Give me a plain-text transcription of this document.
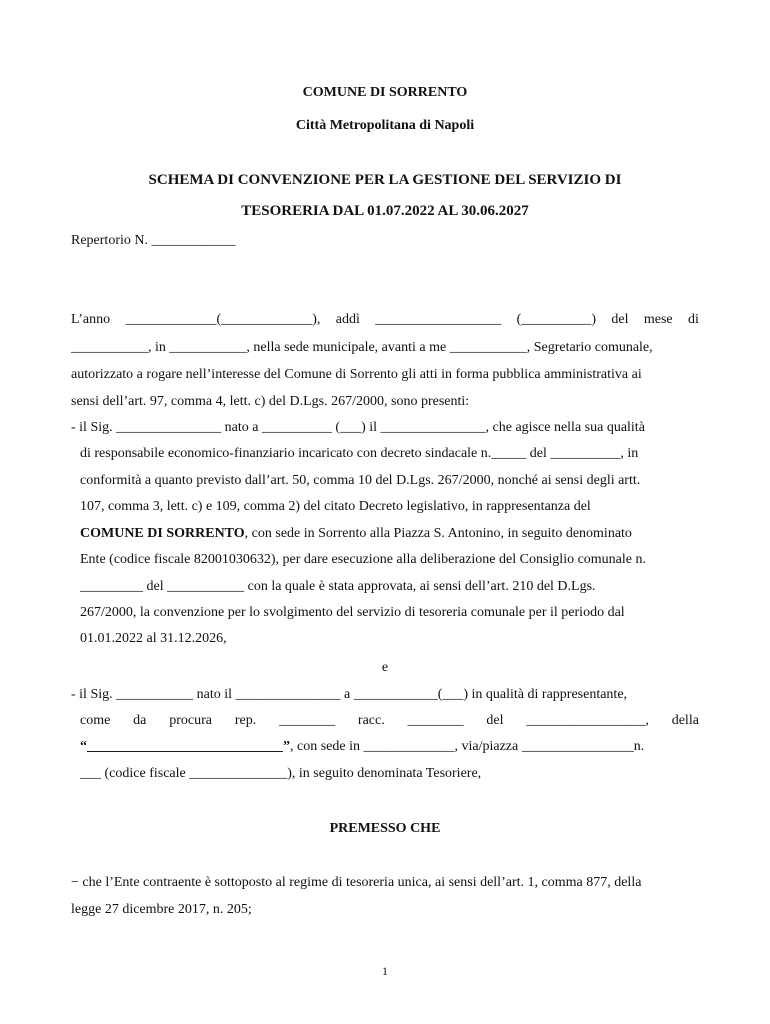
COMUNE DI SORRENTO
Città Metropolitana di Napoli
SCHEMA DI CONVENZIONE PER LA GESTIONE DEL SERVIZIO DI
TESORERIA DAL 01.07.2022 AL 30.06.2027
Repertorio N. ____________
L’anno _____________(_____________), addì __________________ (__________) del mese di
___________, in ___________, nella sede municipale, avanti a me ___________, Segretario comunale,
autorizzato a rogare nell’interesse del Comune di Sorrento gli atti in forma pubblica amministrativa ai
sensi dell’art. 97, comma 4, lett. c) del D.Lgs. 267/2000, sono presenti:
- il Sig. _______________ nato a __________ (___) il _______________, che agisce nella sua qualità
di responsabile economico-finanziario incaricato con decreto sindacale n._____ del __________, in
conformità a quanto previsto dall’art. 50, comma 10 del D.Lgs. 267/2000, nonché ai sensi degli artt.
107, comma 3, lett. c) e 109, comma 2) del citato Decreto legislativo, in rappresentanza del
COMUNE DI SORRENTO, con sede in Sorrento alla Piazza S. Antonino, in seguito denominato
Ente (codice fiscale 82001030632), per dare esecuzione alla deliberazione del Consiglio comunale n.
_________ del ___________ con la quale è stata approvata, ai sensi dell’art. 210 del D.Lgs.
267/2000, la convenzione per lo svolgimento del servizio di tesoreria comunale per il periodo dal
01.01.2022 al 31.12.2026,
e
- il Sig. ___________ nato il _______________ a ____________(___) in qualità di rappresentante,
come da procura rep. ________ racc. ________ del _________________, della
“____________________________”, con sede in _____________, via/piazza ________________n.
___ (codice fiscale ______________), in seguito denominata Tesoriere,
PREMESSO CHE
− che l’Ente contraente è sottoposto al regime di tesoreria unica, ai sensi dell’art. 1, comma 877, della
legge 27 dicembre 2017, n. 205;
1
